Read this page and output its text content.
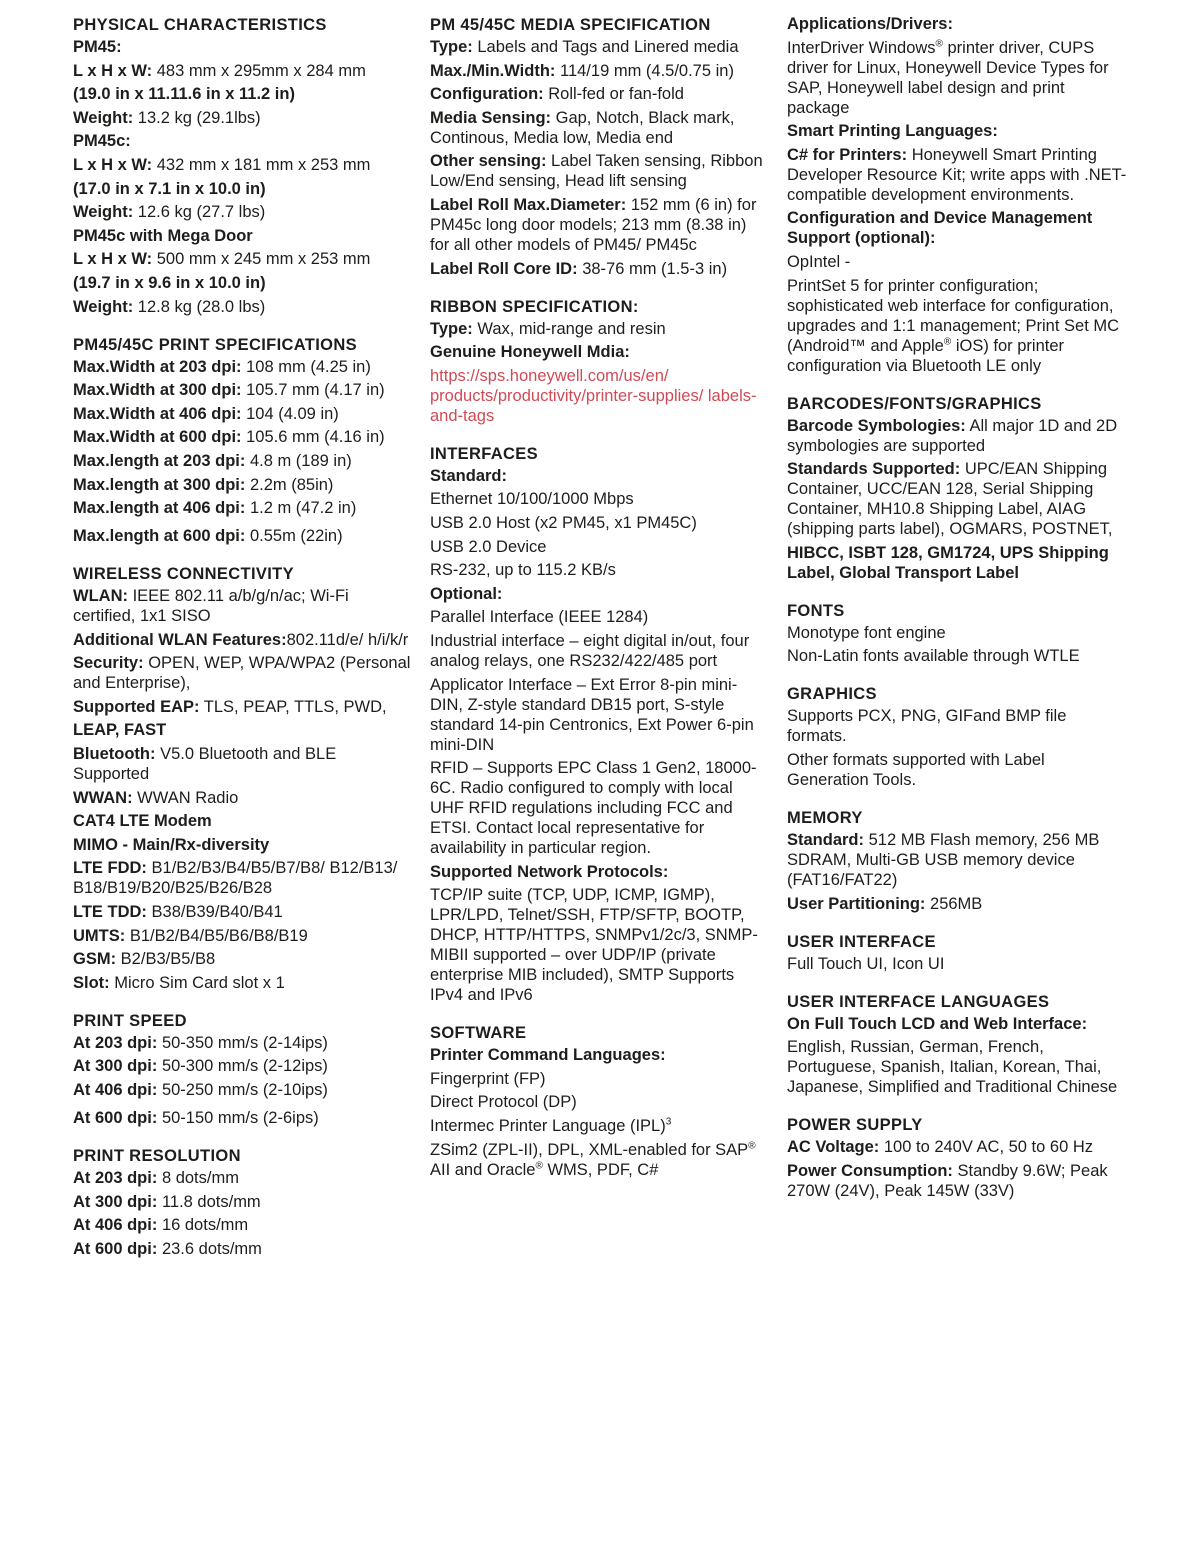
PHYSICAL CHARACTERISTICS
PM45:
L x H x W: 483 mm x 295mm x 284 mm
(19.0 in x 11.11.6 in x 11.2 in)
Weight: 13.2 kg (29.1lbs)
PM45c:
L x H x W: 432 mm x 181 mm x 253 mm
(17.0 in x 7.1 in x 10.0 in)
Weight: 12.6 kg (27.7 lbs)
PM45c with Mega Door
L x H x W: 500 mm x 245 mm x 253 mm
(19.7 in x 9.6 in x 10.0 in)
Weight: 12.8 kg (28.0 lbs)
PM45/45C PRINT SPECIFICATIONS
Max.Width at 203 dpi: 108 mm (4.25 in)
Max.Width at 300 dpi: 105.7 mm (4.17 in)
Max.Width at 406 dpi: 104 (4.09 in)
Max.Width at 600 dpi: 105.6 mm (4.16 in)
Max.length at 203 dpi: 4.8 m (189 in)
Max.length at 300 dpi: 2.2m (85in)
Max.length at 406 dpi: 1.2 m (47.2 in)
Max.length at 600 dpi: 0.55m (22in)
WIRELESS CONNECTIVITY
WLAN: IEEE 802.11 a/b/g/n/ac; Wi-Fi certified, 1x1 SISO
Additional WLAN Features:802.11d/e/ h/i/k/r
Security: OPEN, WEP, WPA/WPA2 (Personal and Enterprise),
Supported EAP: TLS, PEAP, TTLS, PWD,
LEAP, FAST
Bluetooth: V5.0 Bluetooth and BLE Supported
WWAN: WWAN Radio
CAT4 LTE Modem
MIMO - Main/Rx-diversity
LTE FDD: B1/B2/B3/B4/B5/B7/B8/ B12/B13/ B18/B19/B20/B25/B26/B28
LTE TDD: B38/B39/B40/B41
UMTS: B1/B2/B4/B5/B6/B8/B19
GSM: B2/B3/B5/B8
Slot: Micro Sim Card slot x 1
PRINT SPEED
At 203 dpi: 50-350 mm/s (2-14ips)
At 300 dpi: 50-300 mm/s (2-12ips)
At 406 dpi: 50-250 mm/s (2-10ips)
At 600 dpi: 50-150 mm/s (2-6ips)
PRINT RESOLUTION
At 203 dpi: 8 dots/mm
At 300 dpi: 11.8 dots/mm
At 406 dpi: 16 dots/mm
At 600 dpi: 23.6 dots/mm
PM 45/45C MEDIA SPECIFICATION
Type: Labels and Tags and Linered media
Max./Min.Width: 114/19 mm (4.5/0.75 in)
Configuration: Roll-fed or fan-fold
Media Sensing: Gap, Notch, Black mark, Continous, Media low, Media end
Other sensing: Label Taken sensing, Ribbon Low/End sensing, Head lift sensing
Label Roll Max.Diameter: 152 mm (6 in) for PM45c long door models; 213 mm (8.38 in) for all other models of PM45/ PM45c
Label Roll Core ID: 38-76 mm (1.5-3 in)
RIBBON SPECIFICATION:
Type: Wax, mid-range and resin
Genuine Honeywell Mdia:
https://sps.honeywell.com/us/en/ products/productivity/printer-supplies/ labels-and-tags
INTERFACES
Standard:
Ethernet 10/100/1000 Mbps
USB 2.0 Host (x2 PM45, x1 PM45C)
USB 2.0 Device
RS-232, up to 115.2 KB/s
Optional:
Parallel Interface (IEEE 1284)
Industrial interface – eight digital in/out, four analog relays, one RS232/422/485 port
Applicator Interface – Ext Error 8-pin mini-DIN, Z-style standard DB15 port, S-style standard 14-pin Centronics, Ext Power 6-pin mini-DIN
RFID – Supports EPC Class 1 Gen2, 18000-6C. Radio configured to comply with local UHF RFID regulations including FCC and ETSI. Contact local representative for availability in particular region.
Supported Network Protocols:
TCP/IP suite (TCP, UDP, ICMP, IGMP), LPR/LPD, Telnet/SSH, FTP/SFTP, BOOTP, DHCP, HTTP/HTTPS, SNMPv1/2c/3, SNMP-MIBII supported – over UDP/IP (private enterprise MIB included), SMTP Supports IPv4 and IPv6
SOFTWARE
Printer Command Languages:
Fingerprint (FP)
Direct Protocol (DP)
Intermec Printer Language (IPL)$^3$
ZSim2 (ZPL-II), DPL, XML-enabled for SAP® AII and Oracle® WMS, PDF, C#
Applications/Drivers:
InterDriver Windows® printer driver, CUPS driver for Linux, Honeywell Device Types for SAP, Honeywell label design and print package
Smart Printing Languages:
C# for Printers: Honeywell Smart Printing Developer Resource Kit; write apps with .NET- compatible development environments.
Configuration and Device Management Support (optional):
OpIntel -
PrintSet 5 for printer configuration; sophisticated web interface for configuration, upgrades and 1:1 management; Print Set MC (Android™ and Apple® iOS) for printer configuration via Bluetooth LE only
BARCODES/FONTS/GRAPHICS
Barcode Symbologies: All major 1D and 2D symbologies are supported
Standards Supported: UPC/EAN Shipping Container, UCC/EAN 128, Serial Shipping Container, MH10.8 Shipping Label, AIAG (shipping parts label), OGMARS, POSTNET,
HIBCC, ISBT 128, GM1724, UPS Shipping Label, Global Transport Label
FONTS
Monotype font engine
Non-Latin fonts available through WTLE
GRAPHICS
Supports PCX, PNG, GIFand BMP file formats.
Other formats supported with Label Generation Tools.
MEMORY
Standard: 512 MB Flash memory, 256 MB SDRAM, Multi-GB USB memory device (FAT16/FAT22)
User Partitioning: 256MB
USER INTERFACE
Full Touch UI, Icon UI
USER INTERFACE LANGUAGES
On Full Touch LCD and Web Interface:
English, Russian, German, French, Portuguese, Spanish, Italian, Korean, Thai, Japanese, Simplified and Traditional Chinese
POWER SUPPLY
AC Voltage: 100 to 240V AC, 50 to 60 Hz
Power Consumption: Standby 9.6W; Peak 270W (24V), Peak 145W (33V)
